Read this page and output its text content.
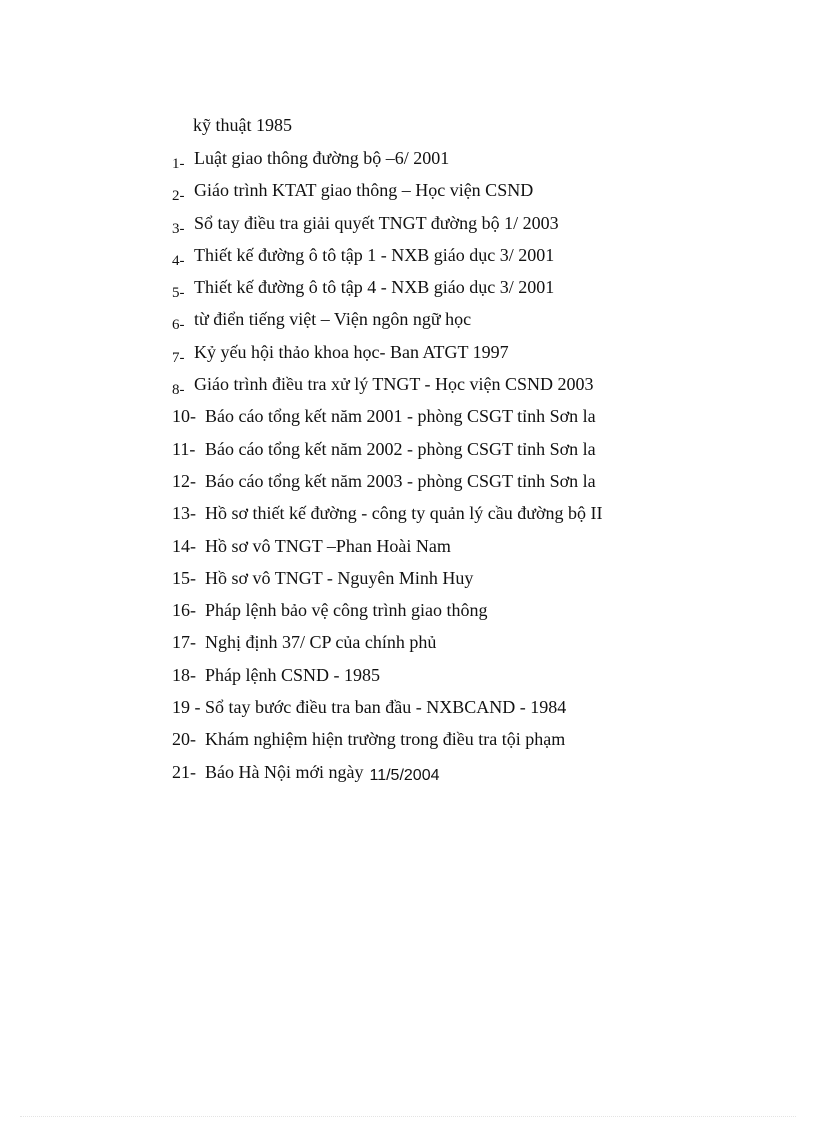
kỹ thuật 1985
1- Luật giao thông đường bộ –6/ 2001
2- Giáo trình KTAT giao thông – Học viện CSND
3- Sổ tay điều tra giải quyết TNGT đường bộ 1/ 2003
4- Thiết kế đường ô tô tập 1 - NXB giáo dục 3/ 2001
5- Thiết kế đường ô tô tập 4 - NXB giáo dục 3/ 2001
6- từ điển tiếng việt – Viện ngôn ngữ học
7- Kỷ yếu hội thảo khoa học- Ban ATGT 1997
8- Giáo trình điều tra xử lý TNGT - Học viện CSND 2003
10- Báo cáo tổng kết năm 2001 - phòng CSGT tỉnh Sơn la
11- Báo cáo tổng kết năm 2002 - phòng CSGT tỉnh Sơn la
12- Báo cáo tổng kết năm 2003 - phòng CSGT tỉnh Sơn la
13- Hồ sơ thiết kế đường - công ty quản lý cầu đường bộ II
14- Hồ sơ vô TNGT –Phan Hoài Nam
15- Hồ sơ vô TNGT - Nguyên Minh Huy
16- Pháp lệnh bảo vệ công trình giao thông
17- Nghị định 37/ CP của chính phủ
18- Pháp lệnh CSND - 1985
19 - Sổ tay bước điều tra ban đầu - NXBCAND - 1984
20- Khám nghiệm hiện trường trong điều tra tội phạm
21- Báo Hà Nội mới ngày 11/5/2004
